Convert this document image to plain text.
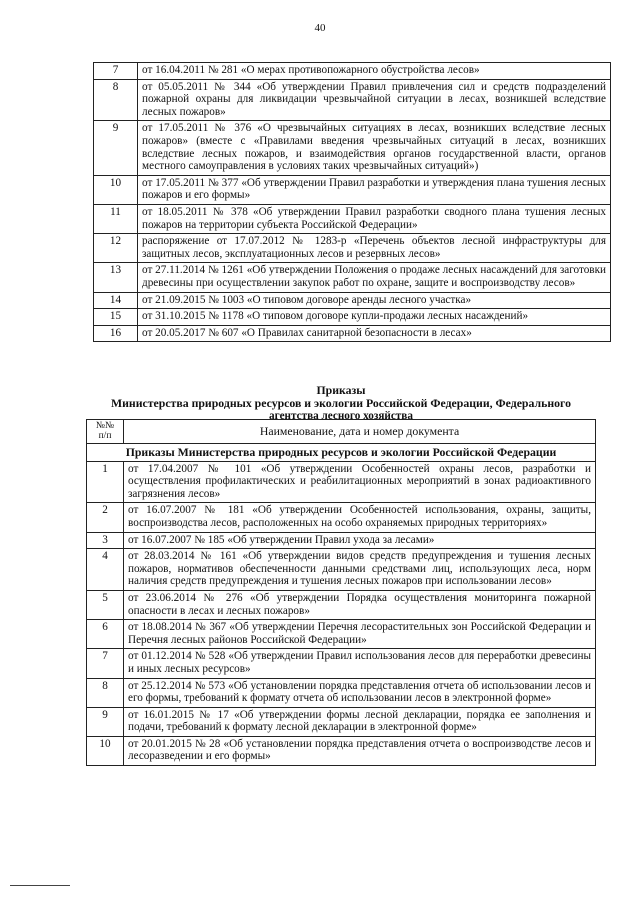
40
7	от 16.04.2011 № 281 «О мерах противопожарного обустройства лесов»
8	от 05.05.2011 № 344 «Об утверждении Правил привлечения сил и средств подразделений пожарной охраны для ликвидации чрезвычайной ситуации в лесах, возникшей вследствие лесных пожаров»
9	от 17.05.2011 № 376 «О чрезвычайных ситуациях в лесах, возникших вследствие лесных пожаров» (вместе с «Правилами введения чрезвычайных ситуаций в лесах, возникших вследствие лесных пожаров, и взаимодействия органов государственной власти, органов местного самоуправления в условиях таких чрезвычайных ситуаций»)
10	от 17.05.2011 № 377 «Об утверждении Правил разработки и утверждения плана тушения лесных пожаров и его формы»
11	от 18.05.2011 № 378 «Об утверждении Правил разработки сводного плана тушения лесных пожаров на территории субъекта Российской Федерации»
12	распоряжение от 17.07.2012 № 1283-р «Перечень объектов лесной инфраструктуры для защитных лесов, эксплуатационных лесов и резервных лесов»
13	от 27.11.2014 № 1261 «Об утверждении Положения о продаже лесных насаждений для заготовки древесины при осуществлении закупок работ по охране, защите и воспроизводству лесов»
14	от 21.09.2015 № 1003 «О типовом договоре аренды лесного участка»
15	от 31.10.2015 № 1178 «О типовом договоре купли-продажи лесных насаждений»
16	от 20.05.2017 № 607 «О Правилах санитарной безопасности в лесах»
Приказы
Министерства природных ресурсов и экологии Российской Федерации, Федерального
агентства лесного хозяйства
№№ п/п	Наименование, дата и номер документа
Приказы Министерства природных ресурсов и экологии Российской Федерации	
1	от 17.04.2007 № 101 «Об утверждении Особенностей охраны лесов, разработки и осуществления профилактических и реабилитационных мероприятий в зонах радиоактивного загрязнения лесов»
2	от 16.07.2007 № 181 «Об утверждении Особенностей использования, охраны, защиты, воспроизводства лесов, расположенных на особо охраняемых природных территориях»
3	от 16.07.2007 № 185 «Об утверждении Правил ухода за лесами»
4	от 28.03.2014 № 161 «Об утверждении видов средств предупреждения и тушения лесных пожаров, нормативов обеспеченности данными средствами лиц, использующих леса, норм наличия средств предупреждения и тушения лесных пожаров при использовании лесов»
5	от 23.06.2014 № 276 «Об утверждении Порядка осуществления мониторинга пожарной опасности в лесах и лесных пожаров»
6	от 18.08.2014 № 367 «Об утверждении Перечня лесорастительных зон Российской Федерации и Перечня лесных районов Российской Федерации»
7	от 01.12.2014 № 528 «Об утверждении Правил использования лесов для переработки древесины и иных лесных ресурсов»
8	от 25.12.2014 № 573 «Об установлении порядка представления отчета об использовании лесов и его формы, требований к формату отчета об использовании лесов в электронной форме»
9	от 16.01.2015 № 17 «Об утверждении формы лесной декларации, порядка ее заполнения и подачи, требований к формату лесной декларации в электронной форме»
10	от 20.01.2015 № 28 «Об установлении порядка представления отчета о воспроизводстве лесов и лесоразведении и его формы»
